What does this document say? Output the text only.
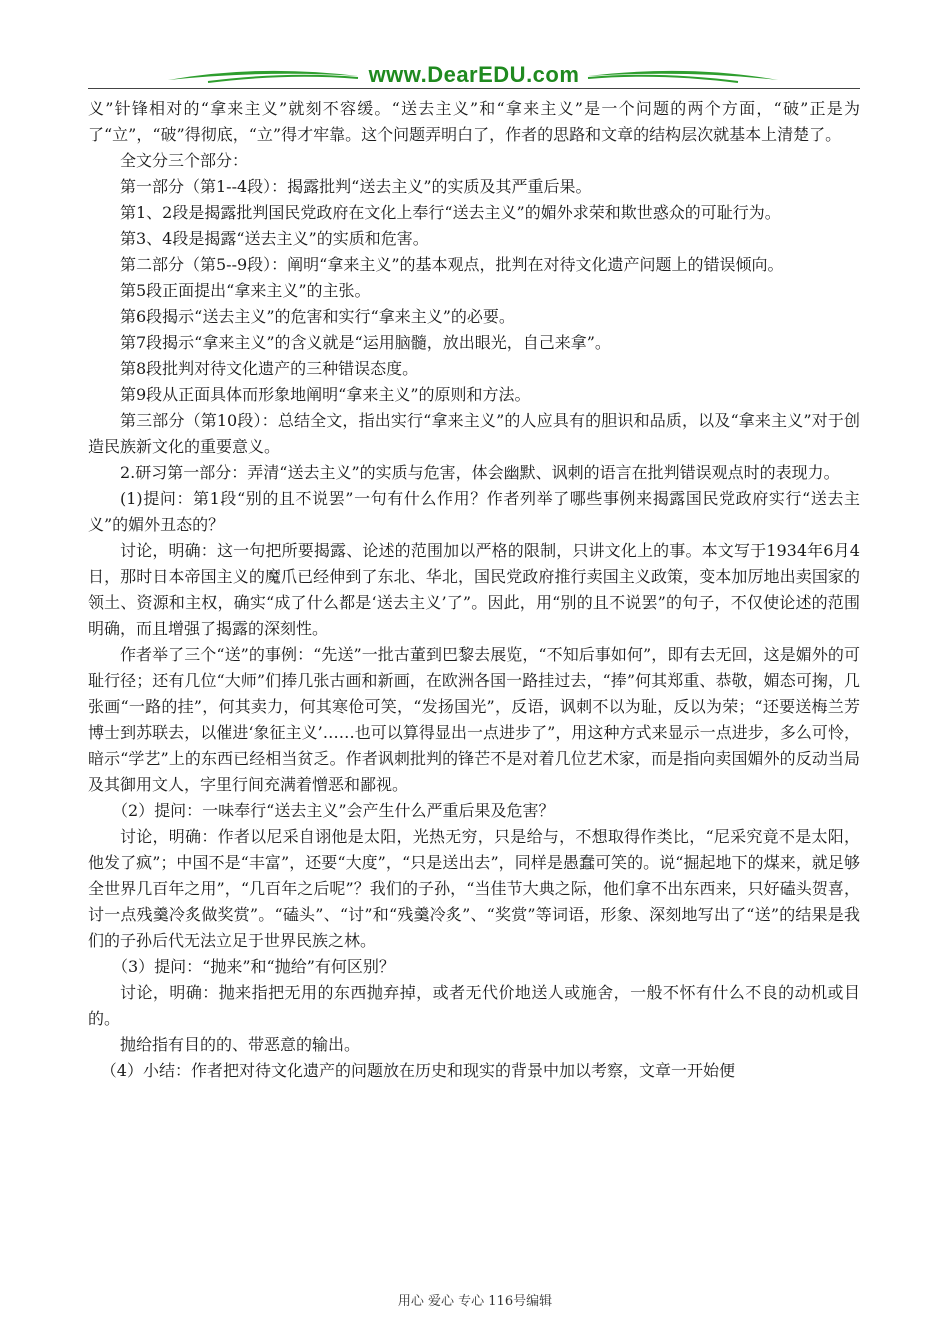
www.DearEDU.com

义”针锋相对的“拿来主义”就刻不容缓。“送去主义”和“拿来主义”是一个问题的两个方面，“破”正是为了“立”，“破”得彻底，“立”得才牢靠。这个问题弄明白了，作者的思路和文章的结构层次就基本上清楚了。

全文分三个部分：

第一部分（第1--4段）：揭露批判“送去主义”的实质及其严重后果。

第1、2段是揭露批判国民党政府在文化上奉行“送去主义”的媚外求荣和欺世惑众的可耻行为。

第3、4段是揭露“送去主义”的实质和危害。

第二部分（第5--9段）：阐明“拿来主义”的基本观点，批判在对待文化遗产问题上的错误倾向。

第5段正面提出“拿来主义”的主张。

第6段揭示“送去主义”的危害和实行“拿来主义”的必要。

第7段揭示“拿来主义”的含义就是“运用脑髓，放出眼光，自己来拿”。

第8段批判对待文化遗产的三种错误态度。

第9段从正面具体而形象地阐明“拿来主义”的原则和方法。

第三部分（第10段）：总结全文，指出实行“拿来主义”的人应具有的胆识和品质，以及“拿来主义”对于创造民族新文化的重要意义。

2.研习第一部分：弄清“送去主义”的实质与危害，体会幽默、讽刺的语言在批判错误观点时的表现力。

(1)提问：第1段“别的且不说罢”一句有什么作用？作者列举了哪些事例来揭露国民党政府实行“送去主义”的媚外丑态的？

讨论，明确：这一句把所要揭露、论述的范围加以严格的限制，只讲文化上的事。本文写于1934年6月4日，那时日本帝国主义的魔爪已经伸到了东北、华北，国民党政府推行卖国主义政策，变本加厉地出卖国家的领土、资源和主权，确实“成了什么都是‘送去主义’了”。因此，用“别的且不说罢”的句子，不仅使论述的范围明确，而且增强了揭露的深刻性。

作者举了三个“送”的事例：“先送”一批古董到巴黎去展览，“不知后事如何”，即有去无回，这是媚外的可耻行径；还有几位“大师”们捧几张古画和新画，在欧洲各国一路挂过去，“捧”何其郑重、恭敬，媚态可掬，几张画“一路的挂”，何其卖力，何其寒伧可笑，“发扬国光”，反语，讽刺不以为耻，反以为荣；“还要送梅兰芳博士到苏联去，以催进‘象征主义’……也可以算得显出一点进步了”，用这种方式来显示一点进步，多么可怜，暗示“学艺”上的东西已经相当贫乏。作者讽刺批判的锋芒不是对着几位艺术家，而是指向卖国媚外的反动当局及其御用文人，字里行间充满着憎恶和鄙视。

（2）提问：一味奉行“送去主义”会产生什么严重后果及危害？

讨论，明确：作者以尼采自诩他是太阳，光热无穷，只是给与，不想取得作类比，“尼采究竟不是太阳，他发了疯”；中国不是“丰富”，还要“大度”，“只是送出去”，同样是愚蠢可笑的。说“掘起地下的煤来，就足够全世界几百年之用”，“几百年之后呢”？我们的子孙，“当佳节大典之际，他们拿不出东西来，只好磕头贺喜，讨一点残羹冷炙做奖赏”。“磕头”、“讨”和“残羹冷炙”、“奖赏”等词语，形象、深刻地写出了“送”的结果是我们的子孙后代无法立足于世界民族之林。

（3）提问：“抛来”和“抛给”有何区别？

讨论，明确：抛来指把无用的东西抛弃掉，或者无代价地送人或施舍，一般不怀有什么不良的动机或目的。

抛给指有目的的、带恶意的输出。

（4）小结：作者把对待文化遗产的问题放在历史和现实的背景中加以考察，文章一开始便

用心 爱心 专心 116号编辑
